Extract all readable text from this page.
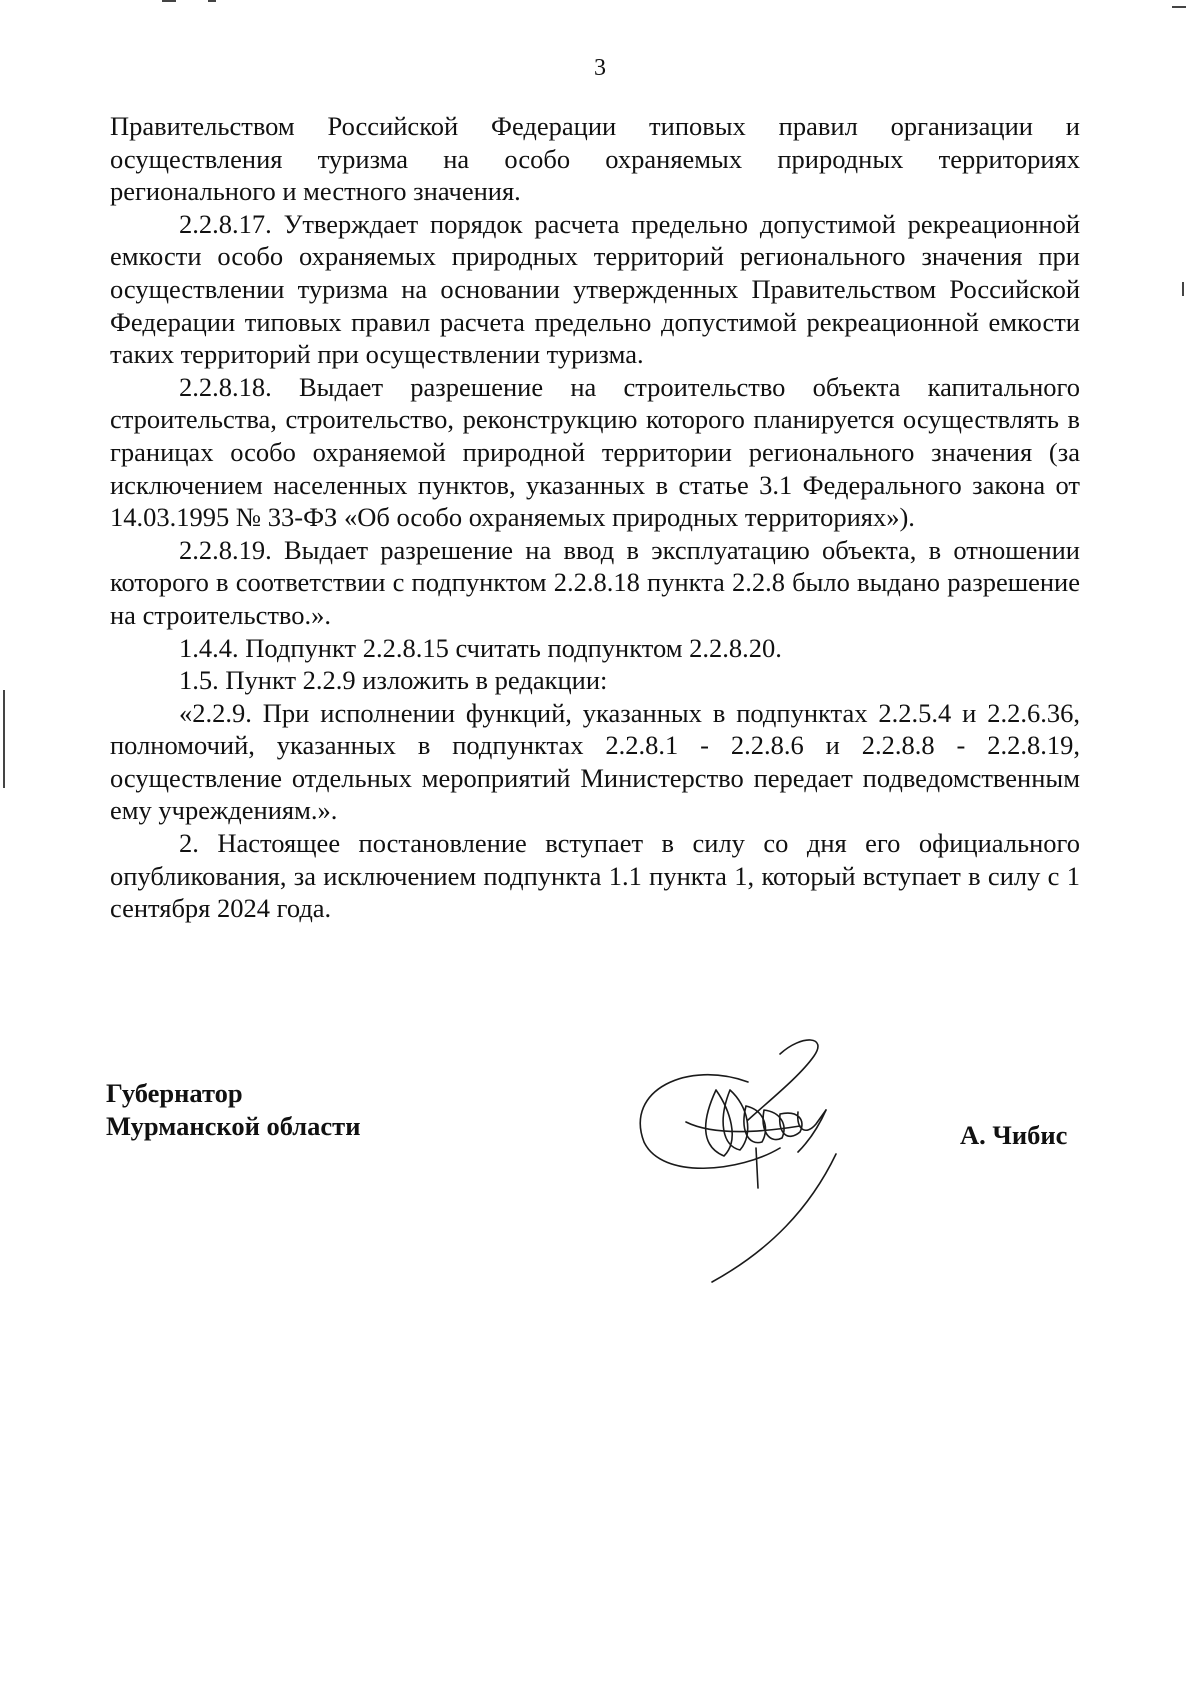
3

Правительством Российской Федерации типовых правил организации и осуществления туризма на особо охраняемых природных территориях регионального и местного значения.

2.2.8.17. Утверждает порядок расчета предельно допустимой рекреационной емкости особо охраняемых природных территорий регионального значения при осуществлении туризма на основании утвержденных Правительством Российской Федерации типовых правил расчета предельно допустимой рекреационной емкости таких территорий при осуществлении туризма.

2.2.8.18. Выдает разрешение на строительство объекта капитального строительства, строительство, реконструкцию которого планируется осуществлять в границах особо охраняемой природной территории регионального значения (за исключением населенных пунктов, указанных в статье 3.1 Федерального закона от 14.03.1995 № 33-ФЗ «Об особо охраняемых природных территориях»).

2.2.8.19. Выдает разрешение на ввод в эксплуатацию объекта, в отношении которого в соответствии с подпунктом 2.2.8.18 пункта 2.2.8 было выдано разрешение на строительство.».

1.4.4. Подпункт 2.2.8.15 считать подпунктом 2.2.8.20.

1.5. Пункт 2.2.9 изложить в редакции:

«2.2.9. При исполнении функций, указанных в подпунктах 2.2.5.4 и 2.2.6.36, полномочий, указанных в подпунктах 2.2.8.1 - 2.2.8.6 и 2.2.8.8 - 2.2.8.19, осуществление отдельных мероприятий Министерство передает подведомственным ему учреждениям.».

2. Настоящее постановление вступает в силу со дня его официального опубликования, за исключением подпункта 1.1 пункта 1, который вступает в силу с 1 сентября 2024 года.

Губернатор
Мурманской области	А. Чибис
